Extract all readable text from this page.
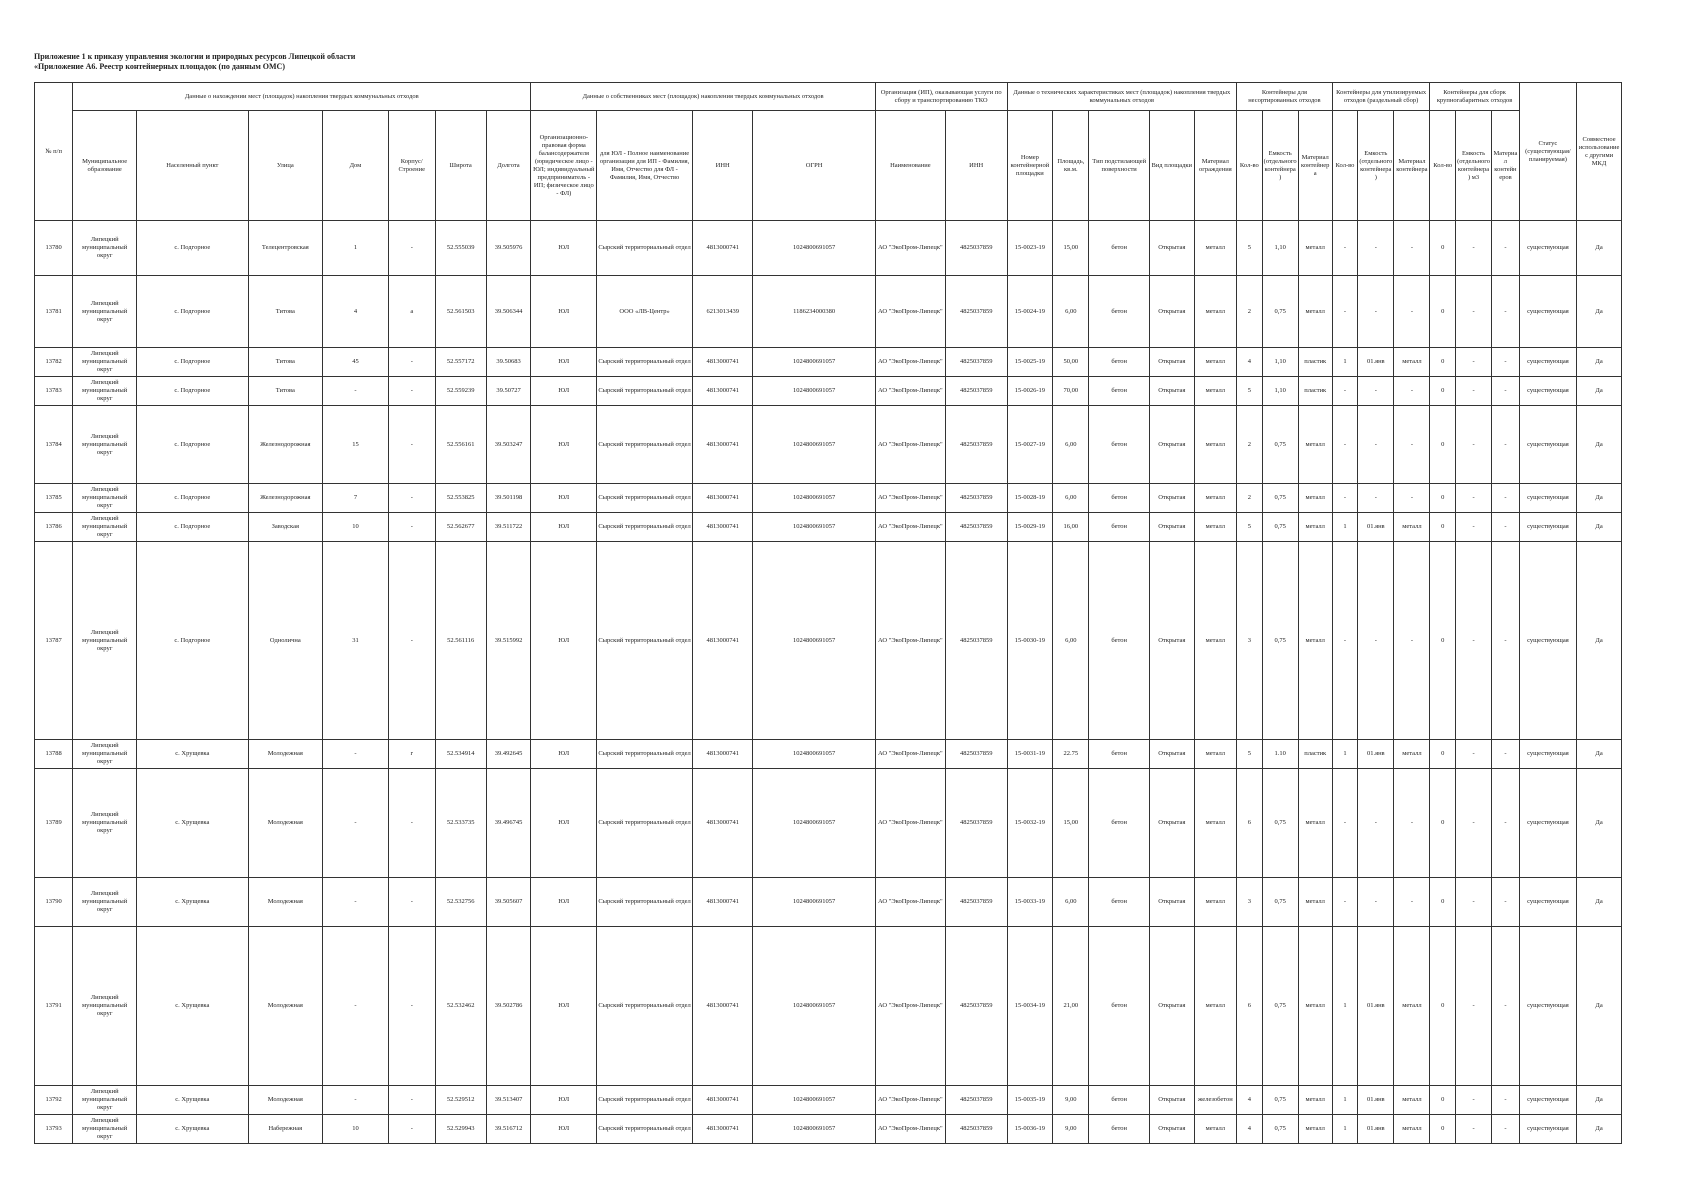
Приложение 1 к приказу управления экологии и природных ресурсов Липецкой области
«Приложение А6. Реестр контейнерных площадок (по данным ОМС)
№ п/п	Данные о нахождении мест (площадок) накопления твердых коммунальных отходов							Данные о собственниках мест (площадок) накопления твердых коммунальных отходов				Организация (ИП), оказывающая услуги по сбору и транспортированию ТКО		Данные о технических характеристиках мест (площадок) накопления твердых коммунальных отходов					Контейнеры для несортированных отходов			Контейнеры для утилизируемых отходов (раздельный сбор)			Контейнеры для сборк крупногабаритных отходов			Статус (существующая/ планируемая)	Совместное использование с другими МКД
	Муниципальное образование	Населенный пункт	Улица	Дом	Корпус/Строение	Широта	Долгота	Организационно-правовая форма балансодержателя (юридическое лицо - ЮЛ; индивидуальный предприниматель - ИП; физическое лицо - ФЛ)	для ЮЛ - Полное наименование организации для ИП - Фамилия, Имя, Отчество для ФЛ - Фамилия, Имя, Отчество	ИНН	ОГРН	Наименование	ИНН	Номер контейнерной площадки	Площадь, кв.м.	Тип подстилающей поверхности	Вид площадки	Материал ограждения	Кол-во	Емкость (отдельного контейнера)	Материал контейнера	Кол-во	Емкость (отдельного контейнера)	Материал контейнера	Кол-во	Емкость (отдельного контейнера) м3	Материал контейнеров		
13780	Липецкий муниципальный округ	с. Подгорное	Телецентровская	1	-	52.555039	39.505976	ЮЛ	Сырский территориальный отдел	4813000741	1024800691057	АО "ЭкоПром-Липецк"	4825037859	15-0023-19	15,00	бетон	Открытая	металл	5	1,10	металл	-	-	-	0	-	-	существующая	Да
13781	Липецкий муниципальный округ	с. Подгорное	Титова	4	а	52.561503	39.506344	ЮЛ	ООО «ЛВ-Центр»	6213013439	1186234000380	АО "ЭкоПром-Липецк"	4825037859	15-0024-19	6,00	бетон	Открытая	металл	2	0,75	металл	-	-	-	0	-	-	существующая	Да
13782	Липецкий муниципальный округ	с. Подгорное	Титова	45	-	52.557172	39.50683	ЮЛ	Сырский территориальный отдел	4813000741	1024800691057	АО "ЭкоПром-Липецк"	4825037859	15-0025-19	50,00	бетон	Открытая	металл	4	1,10	пластик	1	01.янв	металл	0	-	-	существующая	Да
13783	Липецкий муниципальный округ	с. Подгорное	Титова	-	-	52.559239	39.50727	ЮЛ	Сырский территориальный отдел	4813000741	1024800691057	АО "ЭкоПром-Липецк"	4825037859	15-0026-19	70,00	бетон	Открытая	металл	5	1,10	пластик	-	-	-	0	-	-	существующая	Да
13784	Липецкий муниципальный округ	с. Подгорное	Железнодорожная	15	-	52.556161	39.503247	ЮЛ	Сырский территориальный отдел	4813000741	1024800691057	АО "ЭкоПром-Липецк"	4825037859	15-0027-19	6,00	бетон	Открытая	металл	2	0,75	металл	-	-	-	0	-	-	существующая	Да
13785	Липецкий муниципальный округ	с. Подгорное	Железнодорожная	7	-	52.553825	39.501198	ЮЛ	Сырский территориальный отдел	4813000741	1024800691057	АО "ЭкоПром-Липецк"	4825037859	15-0028-19	6,00	бетон	Открытая	металл	2	0,75	металл	-	-	-	0	-	-	существующая	Да
13786	Липецкий муниципальный округ	с. Подгорное	Заводская	10	-	52.562677	39.511722	ЮЛ	Сырский территориальный отдел	4813000741	1024800691057	АО "ЭкоПром-Липецк"	4825037859	15-0029-19	16,00	бетон	Открытая	металл	5	0,75	металл	1	01.янв	металл	0	-	-	существующая	Да
13787	Липецкий муниципальный округ	с. Подгорное	Однолична	31	-	52.561116	39.515992	ЮЛ	Сырский территориальный отдел	4813000741	1024800691057	АО "ЭкоПром-Липецк"	4825037859	15-0030-19	6,00	бетон	Открытая	металл	3	0,75	металл	-	-	-	0	-	-	существующая	Да
13788	Липецкий муниципальный округ	с. Хрущевка	Молодежная	-	г	52.534914	39.492645	ЮЛ	Сырский территориальный отдел	4813000741	1024800691057	АО "ЭкоПром-Липецк"	4825037859	15-0031-19	22.75	бетон	Открытая	металл	5	1.10	пластик	1	01.янв	металл	0	-	-	существующая	Да
13789	Липецкий муниципальный округ	с. Хрущевка	Молодежная	-	-	52.533735	39.496745	ЮЛ	Сырский территориальный отдел	4813000741	1024800691057	АО "ЭкоПром-Липецк"	4825037859	15-0032-19	15,00	бетон	Открытая	металл	6	0,75	металл	-	-	-	0	-	-	существующая	Да
13790	Липецкий муниципальный округ	с. Хрущевка	Молодежная	-	-	52.532756	39.505607	ЮЛ	Сырский территориальный отдел	4813000741	1024800691057	АО "ЭкоПром-Липецк"	4825037859	15-0033-19	6,00	бетон	Открытая	металл	3	0,75	металл	-	-	-	0	-	-	существующая	Да
13791	Липецкий муниципальный округ	с. Хрущевка	Молодежная	-	-	52.532462	39.502786	ЮЛ	Сырский территориальный отдел	4813000741	1024800691057	АО "ЭкоПром-Липецк"	4825037859	15-0034-19	21,00	бетон	Открытая	металл	6	0,75	металл	1	01.янв	металл	0	-	-	существующая	Да
13792	Липецкий муниципальный округ	с. Хрущевка	Молодежная	-	-	52.529512	39.513407	ЮЛ	Сырский территориальный отдел	4813000741	1024800691057	АО "ЭкоПром-Липецк"	4825037859	15-0035-19	9,00	бетон	Открытая	железобетон	4	0,75	металл	1	01.янв	металл	0	-	-	существующая	Да
13793	Липецкий муниципальный округ	с. Хрущевка	Набережная	10	-	52.529943	39.516712	ЮЛ	Сырский территориальный отдел	4813000741	1024800691057	АО "ЭкоПром-Липецк"	4825037859	15-0036-19	9,00	бетон	Открытая	металл	4	0,75	металл	1	01.янв	металл	0	-	-	существующая	Да
